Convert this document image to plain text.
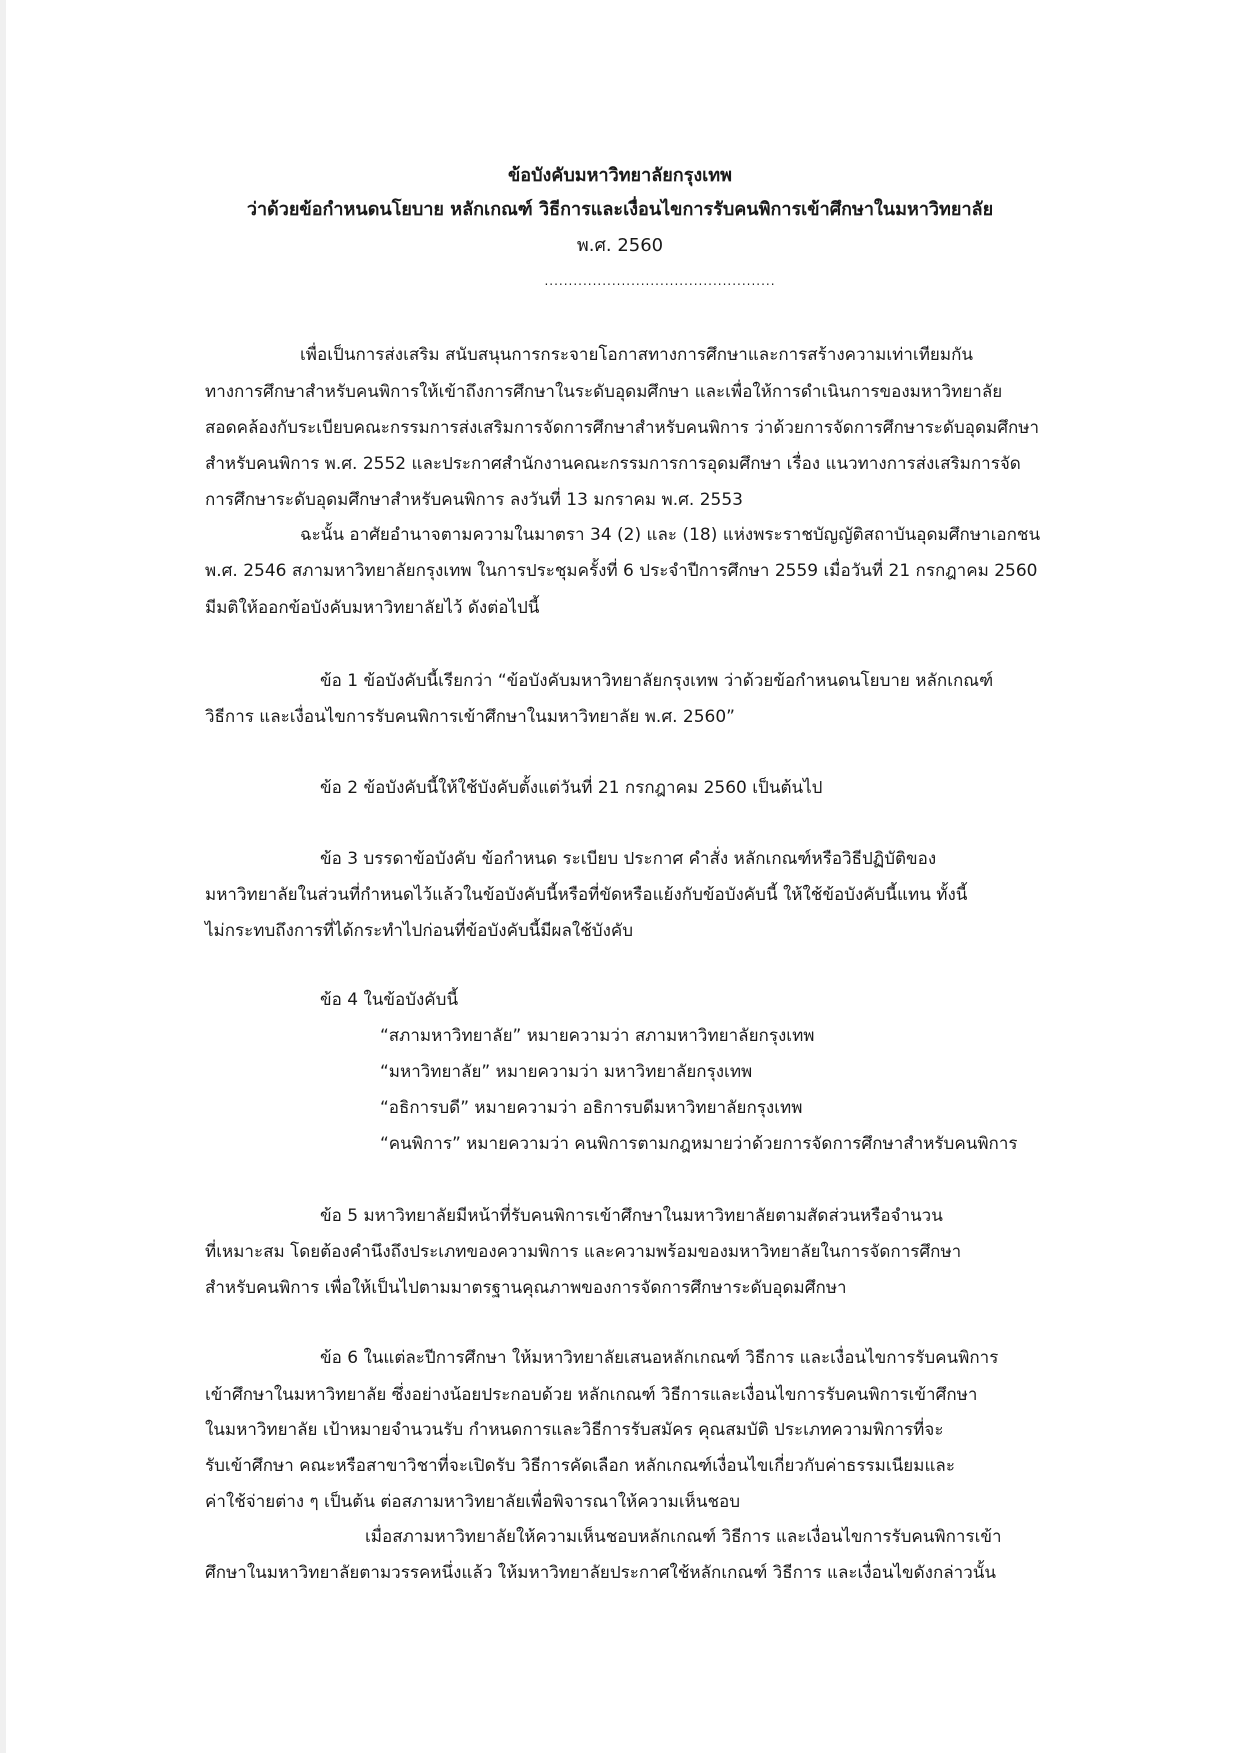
ข้อบังคับมหาวิทยาลัยกรุงเทพ
ว่าด้วยข้อกำหนดนโยบาย หลักเกณฑ์ วิธีการและเงื่อนไขการรับคนพิการเข้าศึกษาในมหาวิทยาลัย
พ.ศ. 2560
................................................

เพื่อเป็นการส่งเสริม สนับสนุนการกระจายโอกาสทางการศึกษาและการสร้างความเท่าเทียมกัน

ทางการศึกษาสำหรับคนพิการให้เข้าถึงการศึกษาในระดับอุดมศึกษา และเพื่อให้การดำเนินการของมหาวิทยาลัย

สอดคล้องกับระเบียบคณะกรรมการส่งเสริมการจัดการศึกษาสำหรับคนพิการ ว่าด้วยการจัดการศึกษาระดับอุดมศึกษา

สำหรับคนพิการ พ.ศ. 2552 และประกาศสำนักงานคณะกรรมการการอุดมศึกษา เรื่อง แนวทางการส่งเสริมการจัด

การศึกษาระดับอุดมศึกษาสำหรับคนพิการ ลงวันที่ 13 มกราคม พ.ศ. 2553

ฉะนั้น อาศัยอำนาจตามความในมาตรา 34 (2) และ (18) แห่งพระราชบัญญัติสถาบันอุดมศึกษาเอกชน

พ.ศ. 2546 สภามหาวิทยาลัยกรุงเทพ ในการประชุมครั้งที่ 6 ประจำปีการศึกษา 2559 เมื่อวันที่ 21 กรกฎาคม 2560

มีมติให้ออกข้อบังคับมหาวิทยาลัยไว้ ดังต่อไปนี้

ข้อ 1 ข้อบังคับนี้เรียกว่า “ข้อบังคับมหาวิทยาลัยกรุงเทพ ว่าด้วยข้อกำหนดนโยบาย หลักเกณฑ์

วิธีการ และเงื่อนไขการรับคนพิการเข้าศึกษาในมหาวิทยาลัย พ.ศ. 2560”

ข้อ 2 ข้อบังคับนี้ให้ใช้บังคับตั้งแต่วันที่ 21 กรกฎาคม 2560 เป็นต้นไป

ข้อ 3 บรรดาข้อบังคับ ข้อกำหนด ระเบียบ ประกาศ คำสั่ง หลักเกณฑ์หรือวิธีปฏิบัติของ

มหาวิทยาลัยในส่วนที่กำหนดไว้แล้วในข้อบังคับนี้หรือที่ขัดหรือแย้งกับข้อบังคับนี้ ให้ใช้ข้อบังคับนี้แทน ทั้งนี้

ไม่กระทบถึงการที่ได้กระทำไปก่อนที่ข้อบังคับนี้มีผลใช้บังคับ

ข้อ 4 ในข้อบังคับนี้

“สภามหาวิทยาลัย” หมายความว่า สภามหาวิทยาลัยกรุงเทพ

“มหาวิทยาลัย” หมายความว่า มหาวิทยาลัยกรุงเทพ

“อธิการบดี” หมายความว่า อธิการบดีมหาวิทยาลัยกรุงเทพ

“คนพิการ” หมายความว่า คนพิการตามกฎหมายว่าด้วยการจัดการศึกษาสำหรับคนพิการ

ข้อ 5 มหาวิทยาลัยมีหน้าที่รับคนพิการเข้าศึกษาในมหาวิทยาลัยตามสัดส่วนหรือจำนวน

ที่เหมาะสม โดยต้องคำนึงถึงประเภทของความพิการ และความพร้อมของมหาวิทยาลัยในการจัดการศึกษา

สำหรับคนพิการ เพื่อให้เป็นไปตามมาตรฐานคุณภาพของการจัดการศึกษาระดับอุดมศึกษา

ข้อ 6 ในแต่ละปีการศึกษา ให้มหาวิทยาลัยเสนอหลักเกณฑ์ วิธีการ และเงื่อนไขการรับคนพิการ

เข้าศึกษาในมหาวิทยาลัย ซึ่งอย่างน้อยประกอบด้วย หลักเกณฑ์ วิธีการและเงื่อนไขการรับคนพิการเข้าศึกษา

ในมหาวิทยาลัย เป้าหมายจำนวนรับ กำหนดการและวิธีการรับสมัคร คุณสมบัติ ประเภทความพิการที่จะ

รับเข้าศึกษา คณะหรือสาขาวิชาที่จะเปิดรับ วิธีการคัดเลือก หลักเกณฑ์เงื่อนไขเกี่ยวกับค่าธรรมเนียมและ

ค่าใช้จ่ายต่าง ๆ เป็นต้น ต่อสภามหาวิทยาลัยเพื่อพิจารณาให้ความเห็นชอบ

เมื่อสภามหาวิทยาลัยให้ความเห็นชอบหลักเกณฑ์ วิธีการ และเงื่อนไขการรับคนพิการเข้า

ศึกษาในมหาวิทยาลัยตามวรรคหนึ่งแล้ว ให้มหาวิทยาลัยประกาศใช้หลักเกณฑ์ วิธีการ และเงื่อนไขดังกล่าวนั้น
